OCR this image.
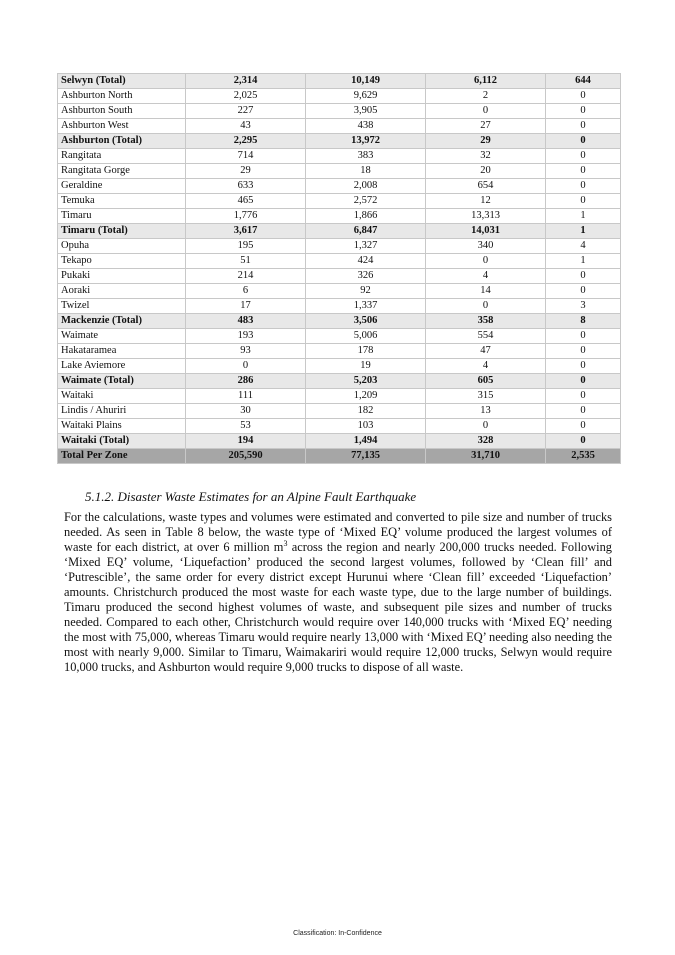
Selwyn (Total)	2,314	10,149	6,112	644
Ashburton North	2,025	9,629	2	0
Ashburton South	227	3,905	0	0
Ashburton West	43	438	27	0
Ashburton (Total)	2,295	13,972	29	0
Rangitata	714	383	32	0
Rangitata Gorge	29	18	20	0
Geraldine	633	2,008	654	0
Temuka	465	2,572	12	0
Timaru	1,776	1,866	13,313	1
Timaru (Total)	3,617	6,847	14,031	1
Opuha	195	1,327	340	4
Tekapo	51	424	0	1
Pukaki	214	326	4	0
Aoraki	6	92	14	0
Twizel	17	1,337	0	3
Mackenzie (Total)	483	3,506	358	8
Waimate	193	5,006	554	0
Hakataramea	93	178	47	0
Lake Aviemore	0	19	4	0
Waimate (Total)	286	5,203	605	0
Waitaki	111	1,209	315	0
Lindis / Ahuriri	30	182	13	0
Waitaki Plains	53	103	0	0
Waitaki (Total)	194	1,494	328	0
Total Per Zone	205,590	77,135	31,710	2,535
5.1.2. Disaster Waste Estimates for an Alpine Fault Earthquake
For the calculations, waste types and volumes were estimated and converted to pile size and number of trucks needed. As seen in Table 8 below, the waste type of ‘Mixed EQ’ volume produced the largest volumes of waste for each district, at over 6 million $m^3$ across the region and nearly 200,000 trucks needed. Following ‘Mixed EQ’ volume, ‘Liquefaction’ produced the second largest volumes, followed by ‘Clean fill’ and ‘Putrescible’, the same order for every district except Hurunui where ‘Clean fill’ exceeded ‘Liquefaction’ amounts. Christchurch produced the most waste for each waste type, due to the large number of buildings. Timaru produced the second highest volumes of waste, and subsequent pile sizes and number of trucks needed. Compared to each other, Christchurch would require over 140,000 trucks with ‘Mixed EQ’ needing the most with 75,000, whereas Timaru would require nearly 13,000 with ‘Mixed EQ’ needing also needing the most with nearly 9,000. Similar to Timaru, Waimakariri would require 12,000 trucks, Selwyn would require 10,000 trucks, and Ashburton would require 9,000 trucks to dispose of all waste.
Classification: In-Confidence
